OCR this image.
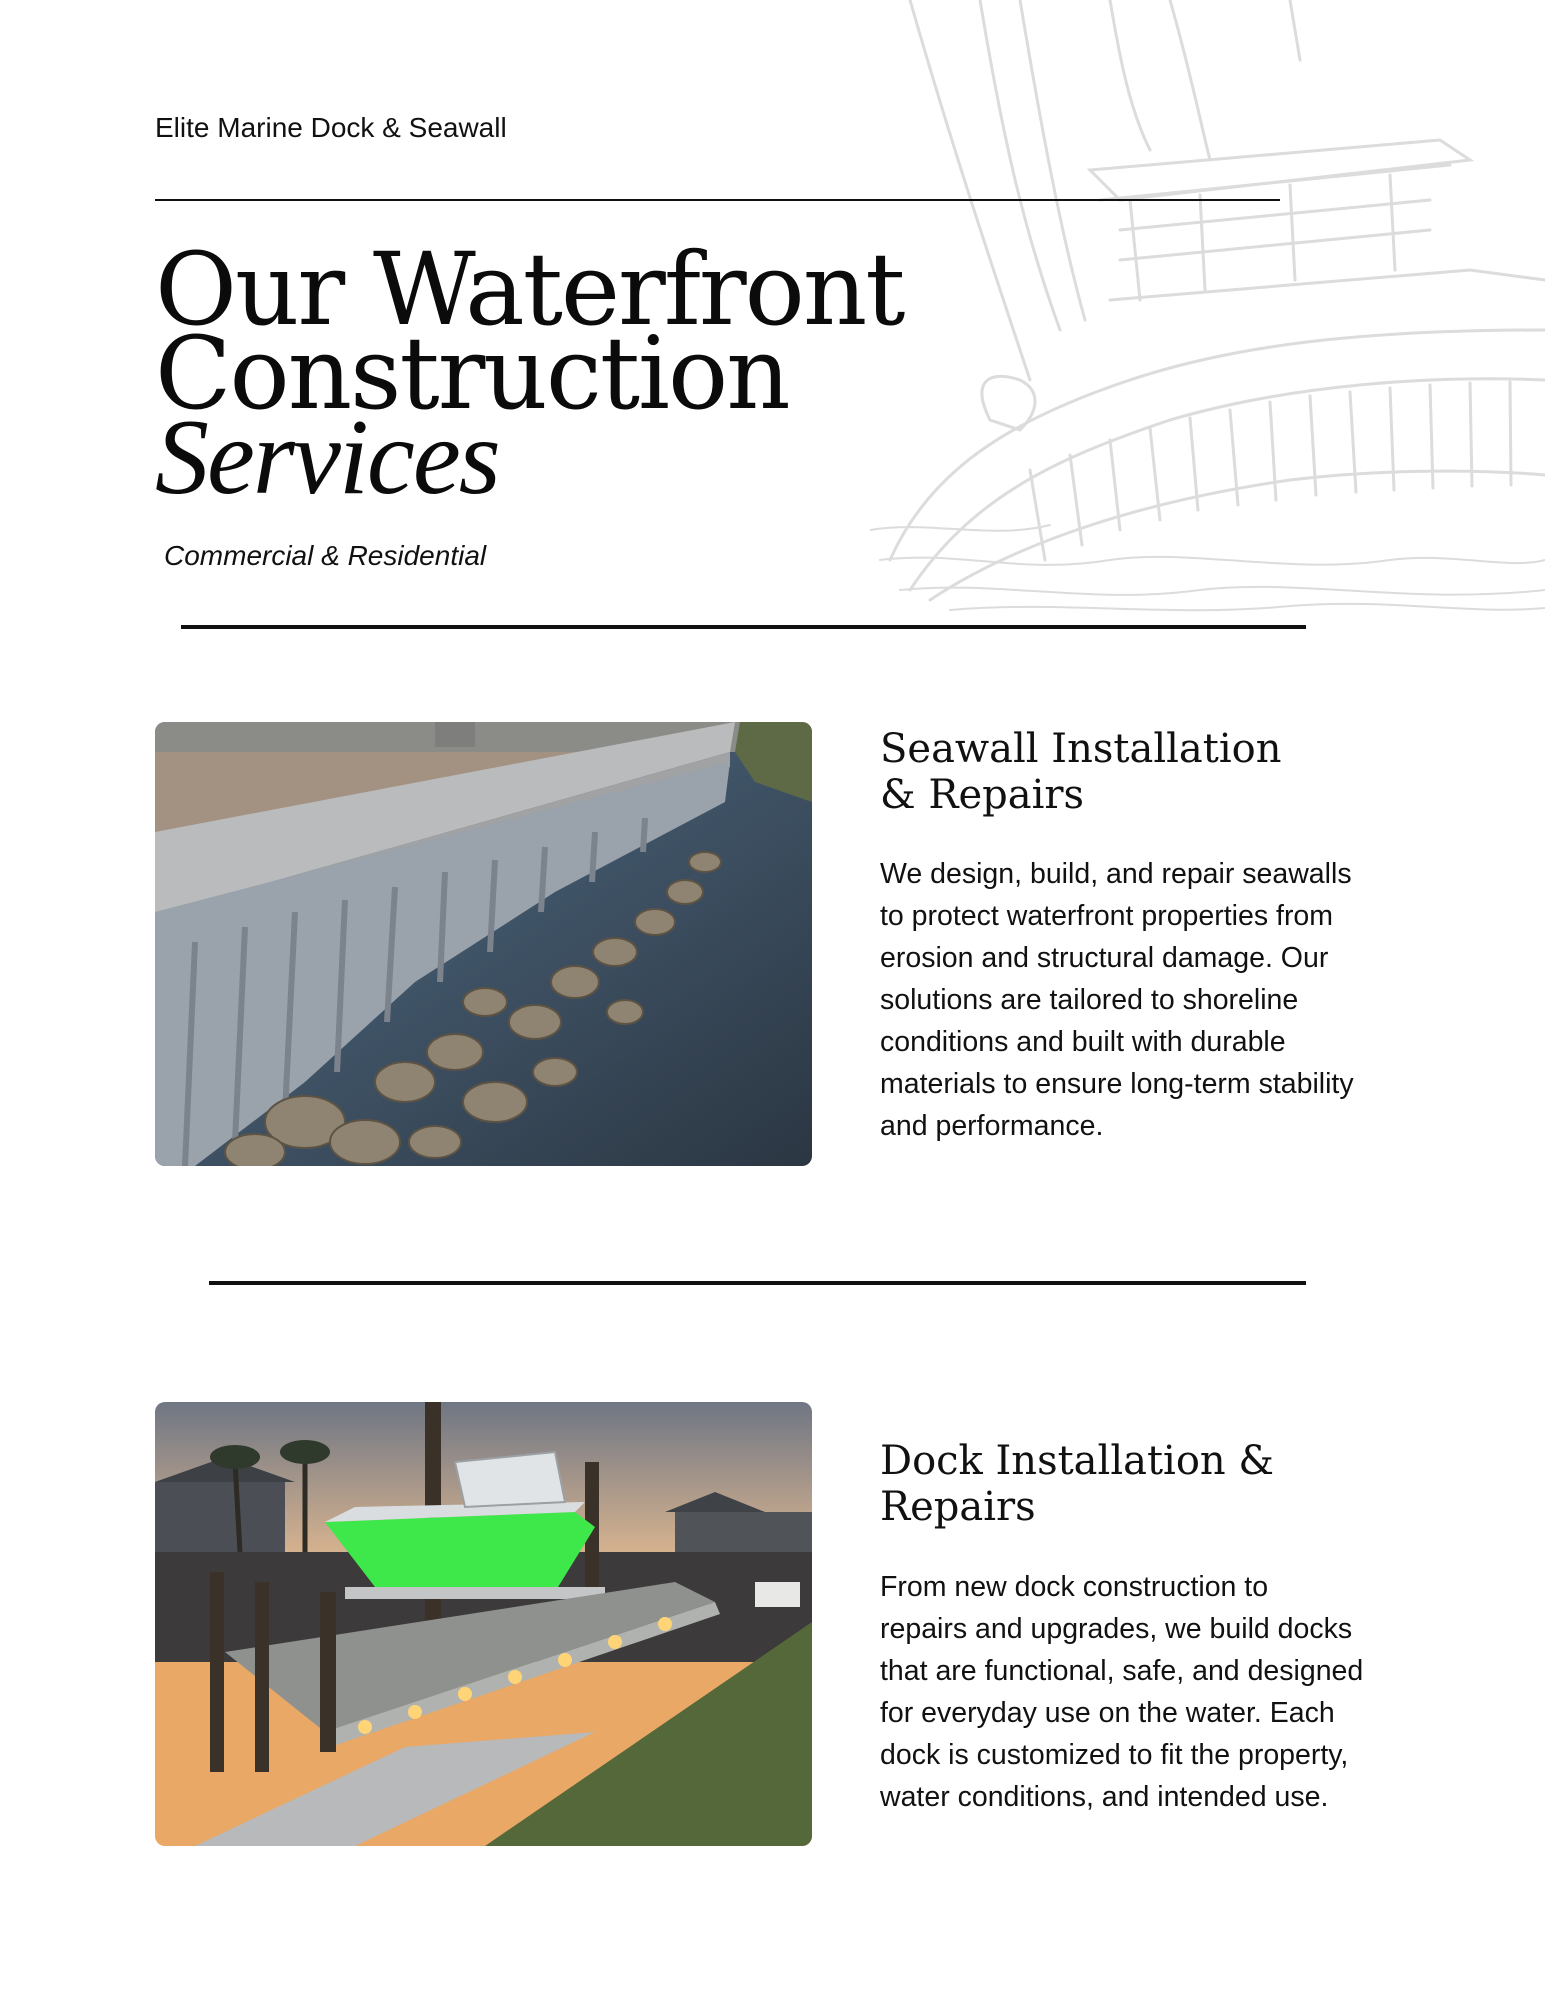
Elite Marine Dock & Seawall
Our Waterfront
Construction
Services
Commercial & Residential
Seawall Installation
& Repairs

We design, build, and repair seawalls
to protect waterfront properties from
erosion and structural damage. Our
solutions are tailored to shoreline
conditions and built with durable
materials to ensure long-term stability
and performance.

Dock Installation &
Repairs

From new dock construction to
repairs and upgrades, we build docks
that are functional, safe, and designed
for everyday use on the water. Each
dock is customized to fit the property,
water conditions, and intended use.
